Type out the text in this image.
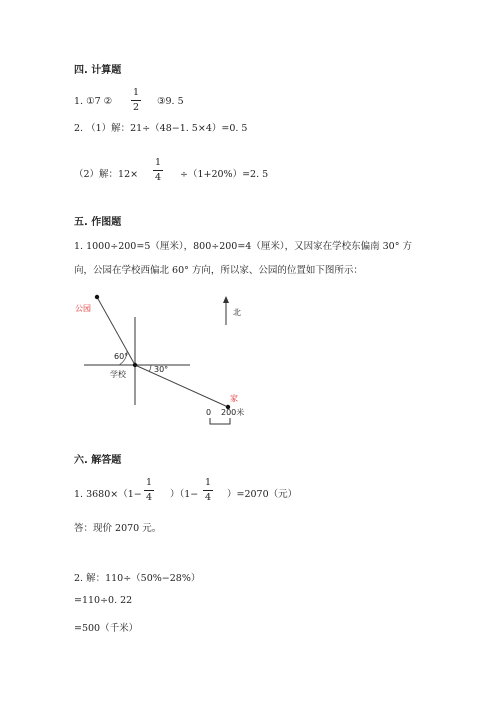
四. 计算题
1. ①7 ②
1
2
③9. 5
2. （1）解：21÷（48−1. 5×4）=0. 5
（2）解：12×
1
4 ÷（1+20%）=2. 5
五. 作图题
1. 1000÷200=5（厘米），800÷200=4（厘米），又因家在学校东偏南 30° 方
向，公园在学校西偏北 60° 方向，所以家、公园的位置如下图所示：
公园	北
60°
30°
学校
家
0 200米
六. 解答题
1. 3680×（1−
1
4 ）（1−
1
4 ）=2070（元）
答：现价 2070 元。
2. 解：110÷（50%−28%）
=110÷0. 22
=500（千米）
